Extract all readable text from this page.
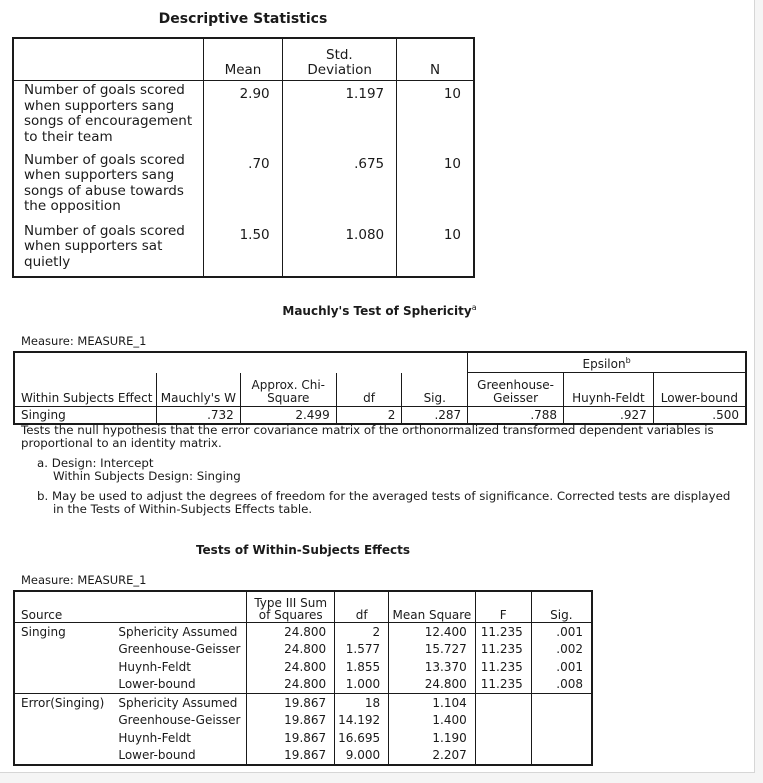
Descriptive Statistics
	Mean	Std. Deviation	N
Number of goals scored when supporters sang songs of encouragement to their team	2.90	1.197	10
Number of goals scored when supporters sang songs of abuse towards the opposition	.70	.675	10
Number of goals scored when supporters sat quietly	1.50	1.080	10
Mauchly's Test of Sphericity$^a$
Measure: MEASURE_1
					Epsilon$^b$
Within Subjects Effect	Mauchly's W	Approx. Chi-Square	df	Sig.	Greenhouse-Geisser	Huynh-Feldt	Lower-bound
Singing	.732	2.499	2	.287	.788	.927	.500
Tests the null hypothesis that the error covariance matrix of the orthonormalized transformed dependent variables is proportional to an identity matrix.
a. Design: Intercept
Within Subjects Design: Singing
b. May be used to adjust the degrees of freedom for the averaged tests of significance. Corrected tests are displayed in the Tests of Within-Subjects Effects table.
Tests of Within-Subjects Effects
Measure: MEASURE_1
Source		Type III Sum of Squares	df	Mean Square	F	Sig.
Singing	Sphericity Assumed	24.800	2	12.400	11.235	.001
	Greenhouse-Geisser	24.800	1.577	15.727	11.235	.002
	Huynh-Feldt	24.800	1.855	13.370	11.235	.001
	Lower-bound	24.800	1.000	24.800	11.235	.008
Error(Singing)	Sphericity Assumed	19.867	18	1.104		
	Greenhouse-Geisser	19.867	14.192	1.400		
	Huynh-Feldt	19.867	16.695	1.190		
	Lower-bound	19.867	9.000	2.207		
